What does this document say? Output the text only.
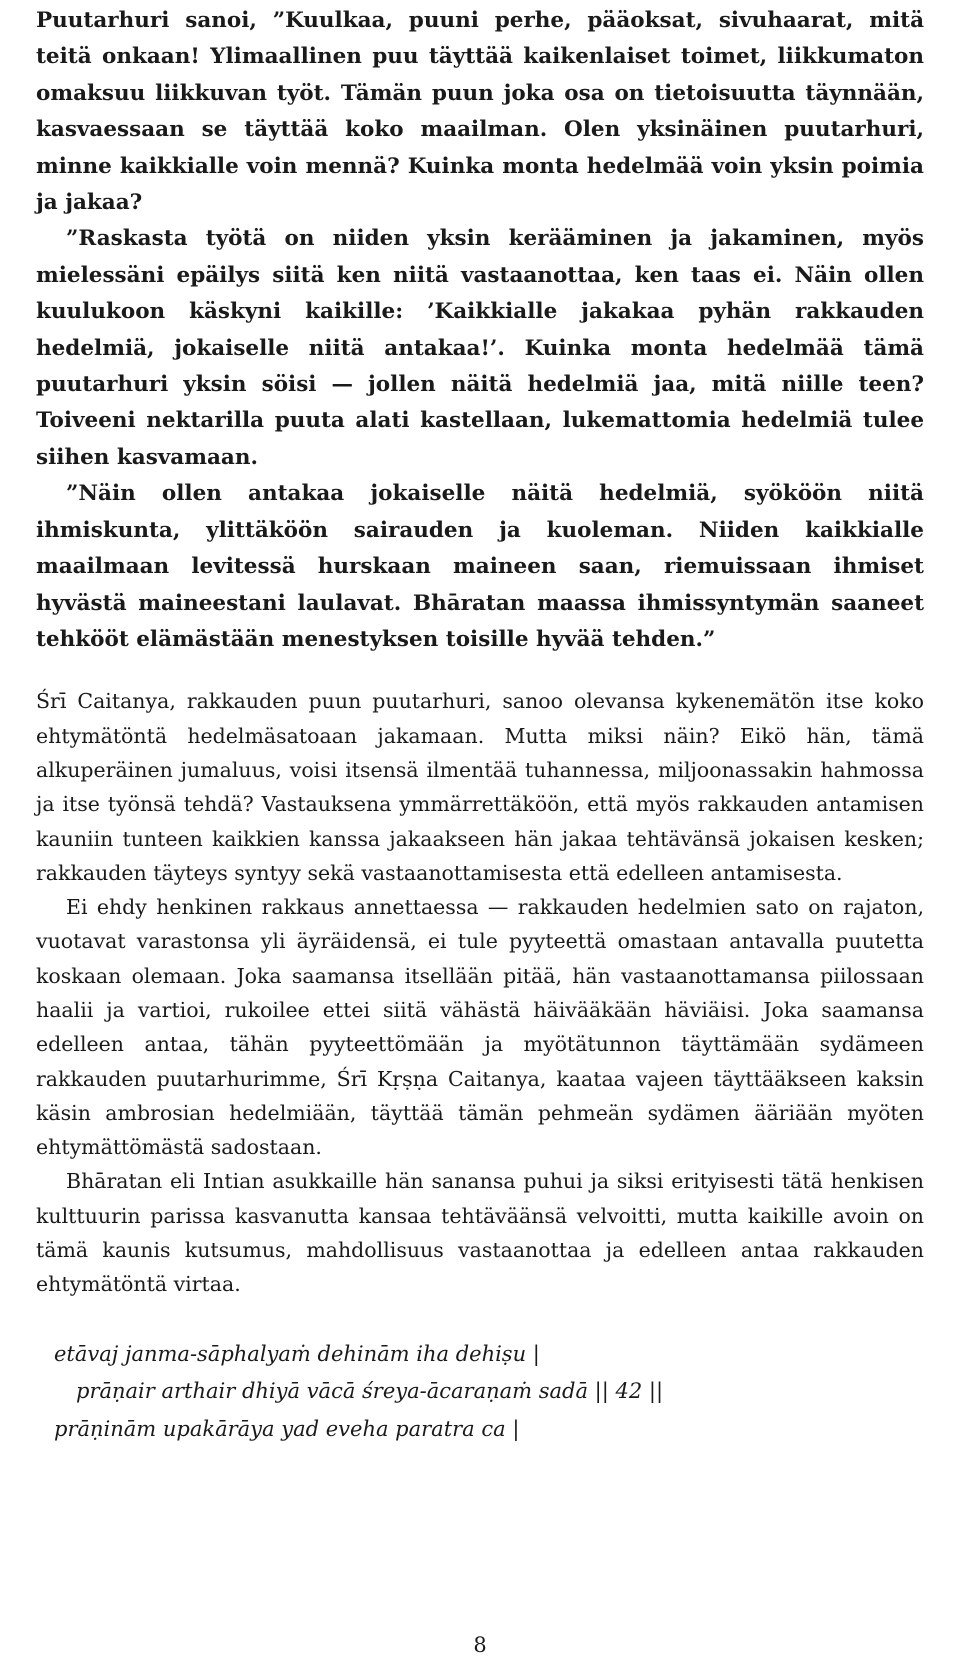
Puutarhuri sanoi, ”Kuulkaa, puuni perhe, pääoksat, sivuhaarat, mitä teitä onkaan! Ylimaallinen puu täyttää kaikenlaiset toimet, liikkumaton omaksuu liikkuvan työt. Tämän puun joka osa on tietoisuutta täynnään, kasvaessaan se täyttää koko maailman. Olen yksinäinen puutarhuri, minne kaikkialle voin mennä? Kuinka monta hedelmää voin yksin poimia ja jakaa?

”Raskasta työtä on niiden yksin kerääminen ja jakaminen, myös mielessäni epäilys siitä ken niitä vastaanottaa, ken taas ei. Näin ollen kuulukoon käskyni kaikille: ’Kaikkialle jakakaa pyhän rakkauden hedelmiä, jokaiselle niitä antakaa!’. Kuinka monta hedelmää tämä puutarhuri yksin söisi — jollen näitä hedelmiä jaa, mitä niille teen? Toiveeni nektarilla puuta alati kastellaan, lukemattomia hedelmiä tulee siihen kasvamaan.

”Näin ollen antakaa jokaiselle näitä hedelmiä, syököön niitä ihmiskunta, ylittäköön sairauden ja kuoleman. Niiden kaikkialle maailmaan levitessä hurskaan maineen saan, riemuissaan ihmiset hyvästä maineestani laulavat. Bhāratan maassa ihmissyntymän saaneet tehkööt elämästään menestyksen toisille hyvää tehden.”

Śrī Caitanya, rakkauden puun puutarhuri, sanoo olevansa kykenemätön itse koko ehtymätöntä hedelmäsatoaan jakamaan. Mutta miksi näin? Eikö hän, tämä alkuperäinen jumaluus, voisi itsensä ilmentää tuhannessa, miljoonassakin hahmossa ja itse työnsä tehdä? Vastauksena ymmärrettäköön, että myös rakkauden antamisen kauniin tunteen kaikkien kanssa jakaakseen hän jakaa tehtävänsä jokaisen kesken; rakkauden täyteys syntyy sekä vastaanottamisesta että edelleen antamisesta.

Ei ehdy henkinen rakkaus annettaessa — rakkauden hedelmien sato on rajaton, vuotavat varastonsa yli äyräidensä, ei tule pyyteettä omastaan antavalla puutetta koskaan olemaan. Joka saamansa itsellään pitää, hän vastaanottamansa piilossaan haalii ja vartioi, rukoilee ettei siitä vähästä häivääkään häviäisi. Joka saamansa edelleen antaa, tähän pyyteettömään ja myötätunnon täyttämään sydämeen rakkauden puutarhurimme, Śrī Kṛṣṇa Caitanya, kaataa vajeen täyttääkseen kaksin käsin ambrosian hedelmiään, täyttää tämän pehmeän sydämen ääriään myöten ehtymättömästä sadostaan.

Bhāratan eli Intian asukkaille hän sanansa puhui ja siksi erityisesti tätä henkisen kulttuurin parissa kasvanutta kansaa tehtäväänsä velvoitti, mutta kaikille avoin on tämä kaunis kutsumus, mahdollisuus vastaanottaa ja edelleen antaa rakkauden ehtymätöntä virtaa.

etāvaj janma-sāphalyaṁ dehinām iha dehiṣu |
prāṇair arthair dhiyā vācā śreya-ācaraṇaṁ sadā || 42 ||
prāṇinām upakārāya yad eveha paratra ca |
8
